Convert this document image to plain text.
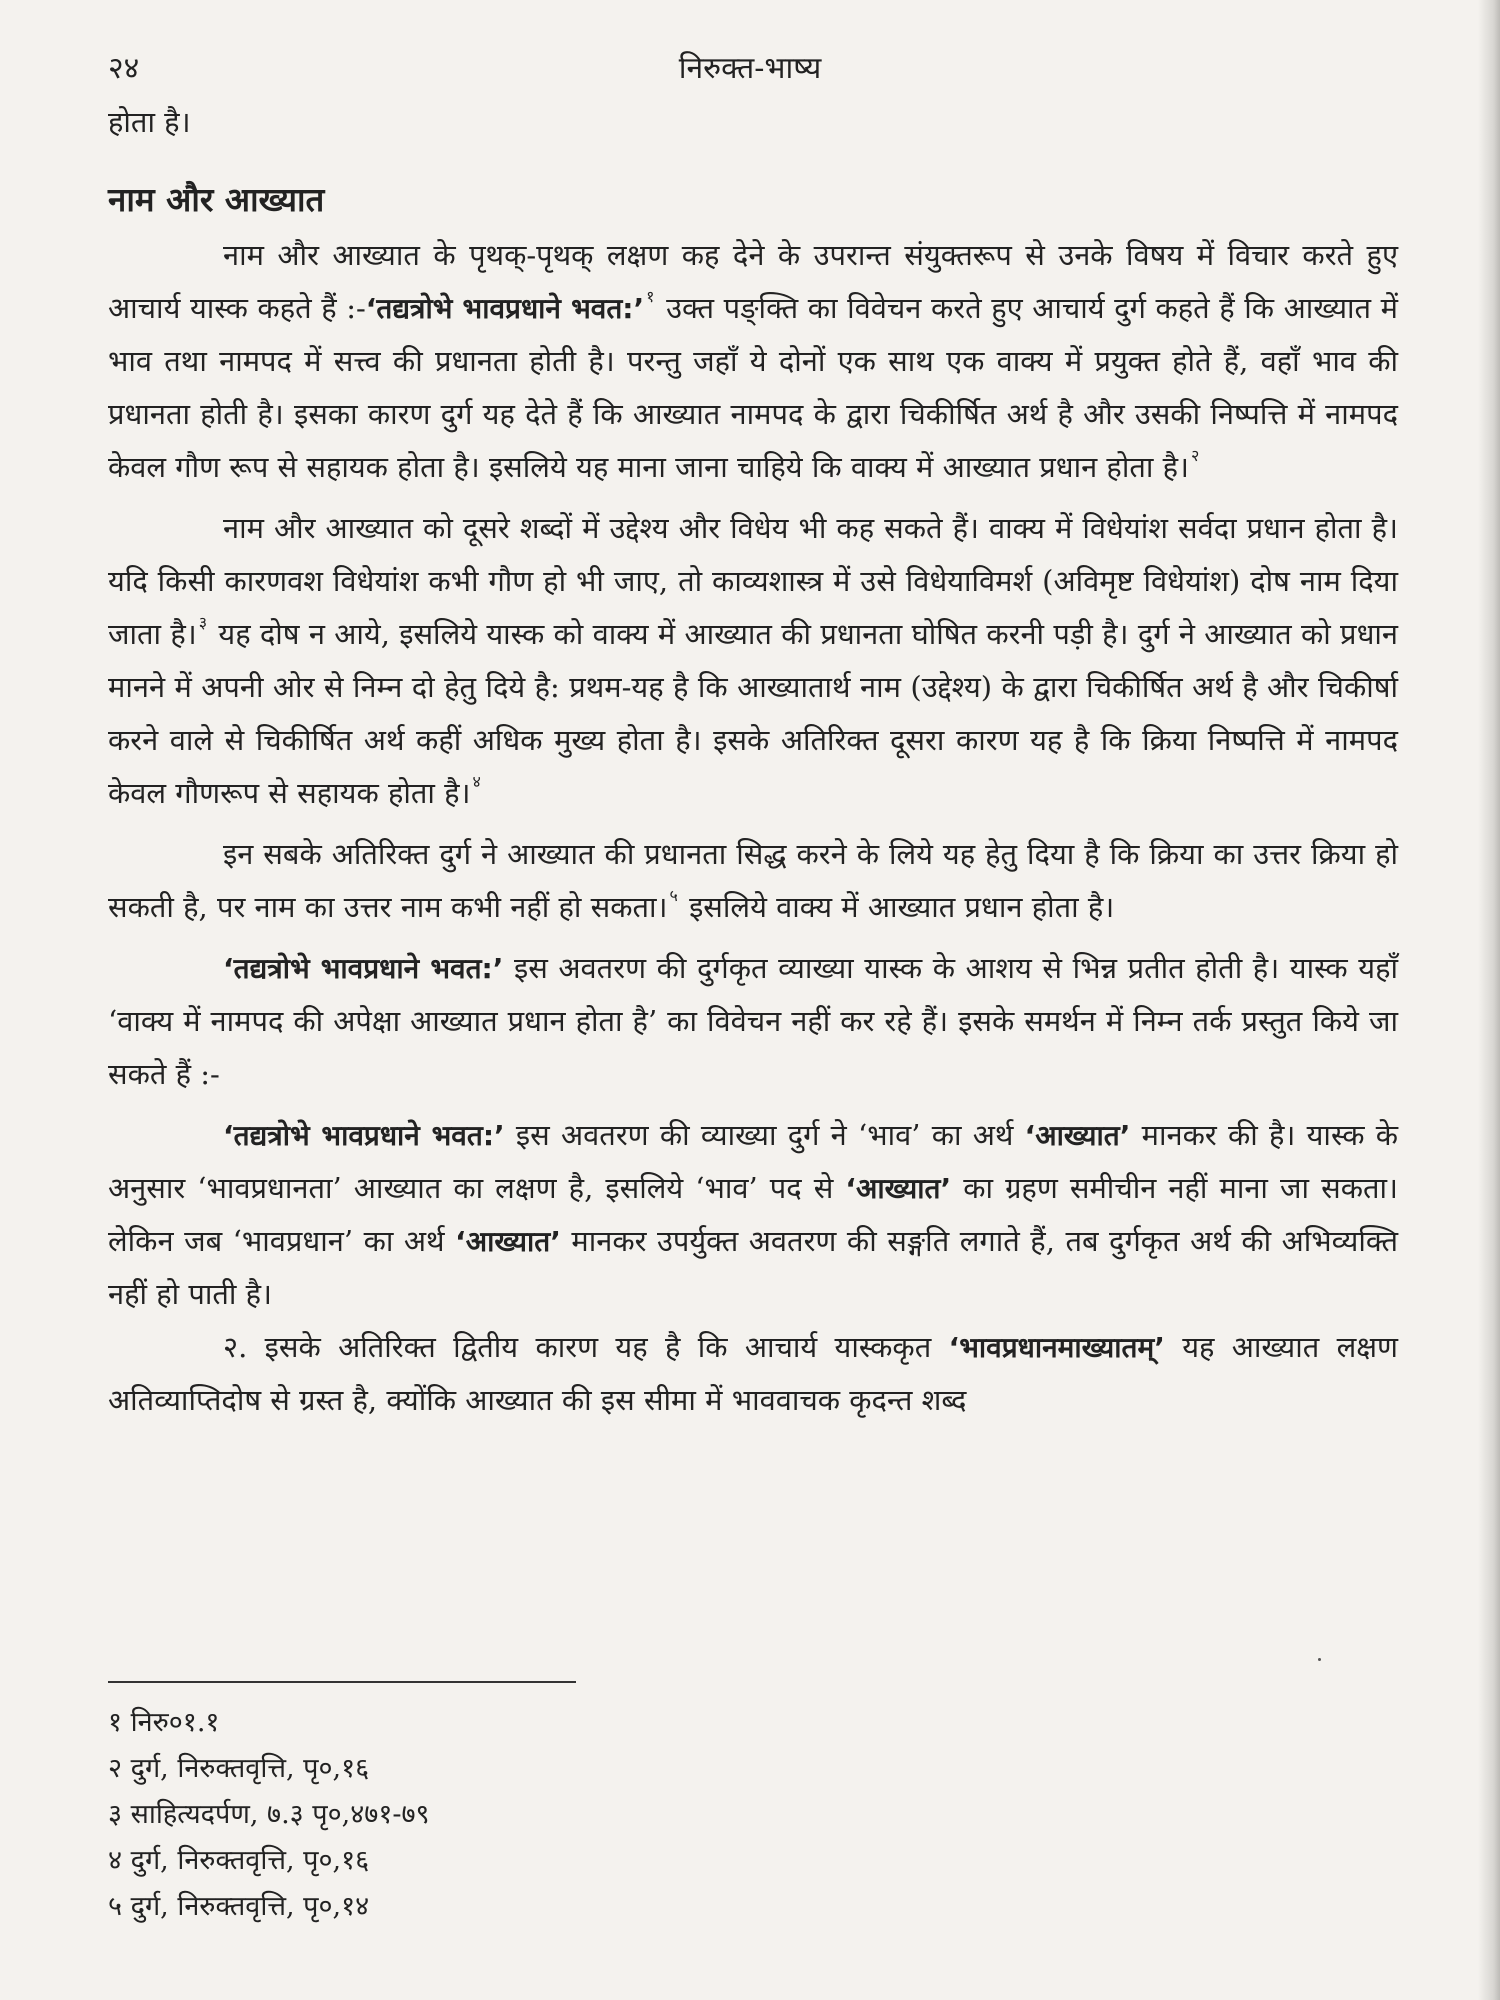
२४	निरुक्त-भाष्य

होता है।

नाम और आख्यात

नाम और आख्यात के पृथक्-पृथक् लक्षण कह देने के उपरान्त संयुक्तरूप से उनके विषय में विचार करते हुए आचार्य यास्क कहते हैं :-‘तद्यत्रोभे भावप्रधाने भवत:’ $^१$ उक्त पङ्क्ति का विवेचन करते हुए आचार्य दुर्ग कहते हैं कि आख्यात में भाव तथा नामपद में सत्त्व की प्रधानता होती है। परन्तु जहाँ ये दोनों एक साथ एक वाक्य में प्रयुक्त होते हैं, वहाँ भाव की प्रधानता होती है। इसका कारण दुर्ग यह देते हैं कि आख्यात नामपद के द्वारा चिकीर्षित अर्थ है और उसकी निष्पत्ति में नामपद केवल गौण रूप से सहायक होता है। इसलिये यह माना जाना चाहिये कि वाक्य में आख्यात प्रधान होता है। $^२$

नाम और आख्यात को दूसरे शब्दों में उद्देश्य और विधेय भी कह सकते हैं। वाक्य में विधेयांश सर्वदा प्रधान होता है। यदि किसी कारणवश विधेयांश कभी गौण हो भी जाए, तो काव्यशास्त्र में उसे विधेयाविमर्श (अविमृष्ट विधेयांश) दोष नाम दिया जाता है। $^३$ यह दोष न आये, इसलिये यास्क को वाक्य में आख्यात की प्रधानता घोषित करनी पड़ी है। दुर्ग ने आख्यात को प्रधान मानने में अपनी ओर से निम्न दो हेतु दिये है: प्रथम-यह है कि आख्यातार्थ नाम (उद्देश्य) के द्वारा चिकीर्षित अर्थ है और चिकीर्षा करने वाले से चिकीर्षित अर्थ कहीं अधिक मुख्य होता है। इसके अतिरिक्त दूसरा कारण यह है कि क्रिया निष्पत्ति में नामपद केवल गौणरूप से सहायक होता है। $^४$

इन सबके अतिरिक्त दुर्ग ने आख्यात की प्रधानता सिद्ध करने के लिये यह हेतु दिया है कि क्रिया का उत्तर क्रिया हो सकती है, पर नाम का उत्तर नाम कभी नहीं हो सकता। $^५$ इसलिये वाक्य में आख्यात प्रधान होता है।

‘तद्यत्रोभे भावप्रधाने भवत:’ इस अवतरण की दुर्गकृत व्याख्या यास्क के आशय से भिन्न प्रतीत होती है। यास्क यहाँ ‘वाक्य में नामपद की अपेक्षा आख्यात प्रधान होता है’ का विवेचन नहीं कर रहे हैं। इसके समर्थन में निम्न तर्क प्रस्तुत किये जा सकते हैं :-

‘तद्यत्रोभे भावप्रधाने भवत:’ इस अवतरण की व्याख्या दुर्ग ने ‘भाव’ का अर्थ ‘आख्यात’ मानकर की है। यास्क के अनुसार ‘भावप्रधानता’ आख्यात का लक्षण है, इसलिये ‘भाव’ पद से ‘आख्यात’ का ग्रहण समीचीन नहीं माना जा सकता। लेकिन जब ‘भावप्रधान’ का अर्थ ‘आख्यात’ मानकर उपर्युक्त अवतरण की सङ्गति लगाते हैं, तब दुर्गकृत अर्थ की अभिव्यक्ति नहीं हो पाती है।

२. इसके अतिरिक्त द्वितीय कारण यह है कि आचार्य यास्ककृत ‘भावप्रधानमाख्यातम्’ यह आख्यात लक्षण अतिव्याप्तिदोष से ग्रस्त है, क्योंकि आख्यात की इस सीमा में भाववाचक कृदन्त शब्द

१ निरु०१.१
२ दुर्ग, निरुक्तवृत्ति, पृ०,१६
३ साहित्यदर्पण, ७.३ पृ०,४७१-७९
४ दुर्ग, निरुक्तवृत्ति, पृ०,१६
५ दुर्ग, निरुक्तवृत्ति, पृ०,१४
